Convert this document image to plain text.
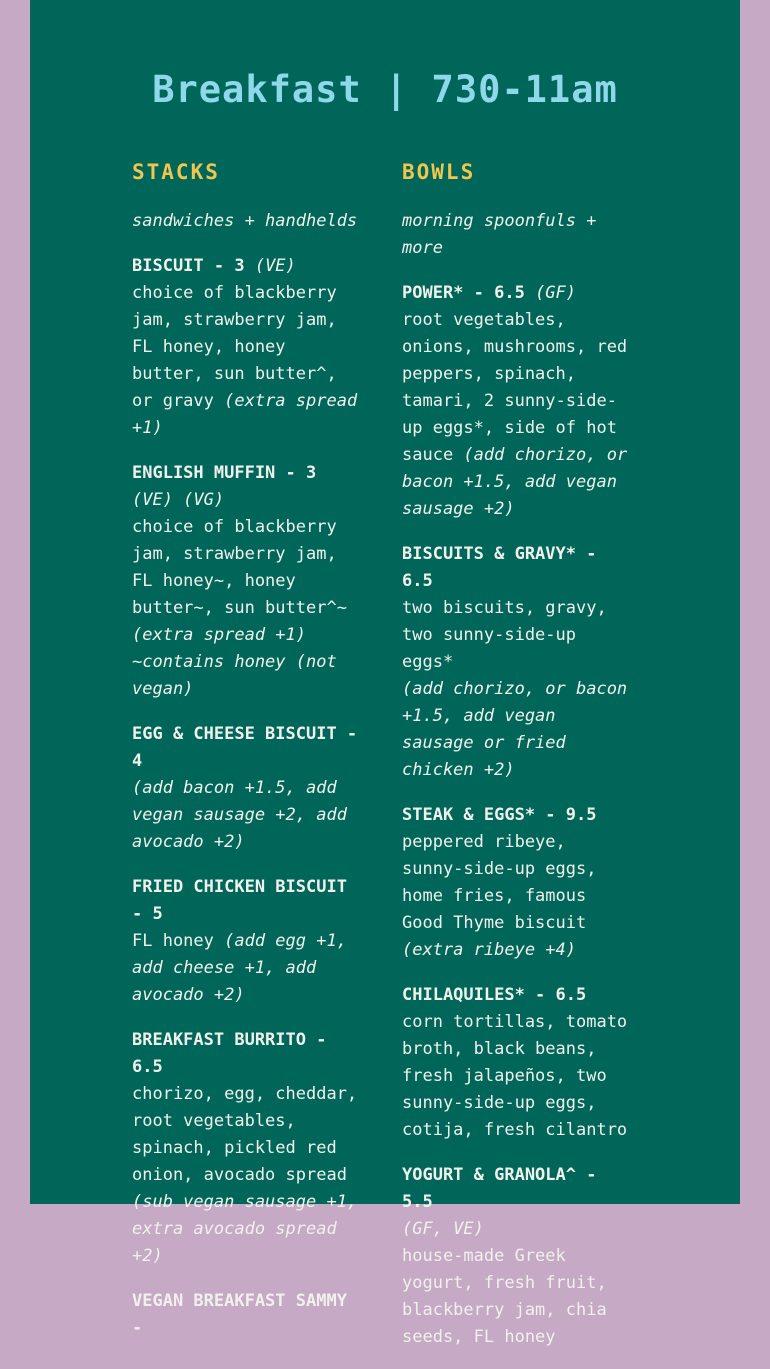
Breakfast | 730-11am
STACKS
sandwiches + handhelds
BISCUIT - 3 (VE)
choice of blackberry jam, strawberry jam, FL honey, honey butter, sun butter^, or gravy (extra spread +1)
ENGLISH MUFFIN - 3 (VE) (VG)
choice of blackberry jam, strawberry jam, FL honey~, honey butter~, sun butter^~ (extra spread +1)
~contains honey (not vegan)
EGG & CHEESE BISCUIT - 4
(add bacon +1.5, add vegan sausage +2, add avocado +2)
FRIED CHICKEN BISCUIT - 5
FL honey (add egg +1, add cheese +1, add avocado +2)
BREAKFAST BURRITO - 6.5
chorizo, egg, cheddar, root vegetables, spinach, pickled red onion, avocado spread
(sub vegan sausage +1, extra avocado spread +2)
VEGAN BREAKFAST SAMMY -
BOWLS
morning spoonfuls + more
POWER* - 6.5 (GF)
root vegetables, onions, mushrooms, red peppers, spinach, tamari, 2 sunny-side-up eggs*, side of hot sauce (add chorizo, or bacon +1.5, add vegan sausage +2)
BISCUITS & GRAVY* - 6.5
two biscuits, gravy, two sunny-side-up eggs*
(add chorizo, or bacon +1.5, add vegan sausage or fried chicken +2)
STEAK & EGGS* - 9.5
peppered ribeye, sunny-side-up eggs, home fries, famous Good Thyme biscuit (extra ribeye +4)
CHILAQUILES* - 6.5
corn tortillas, tomato broth, black beans, fresh jalapeños, two sunny-side-up eggs, cotija, fresh cilantro
YOGURT & GRANOLA^ - 5.5
(GF, VE)
house-made Greek yogurt, fresh fruit, blackberry jam, chia seeds, FL honey
